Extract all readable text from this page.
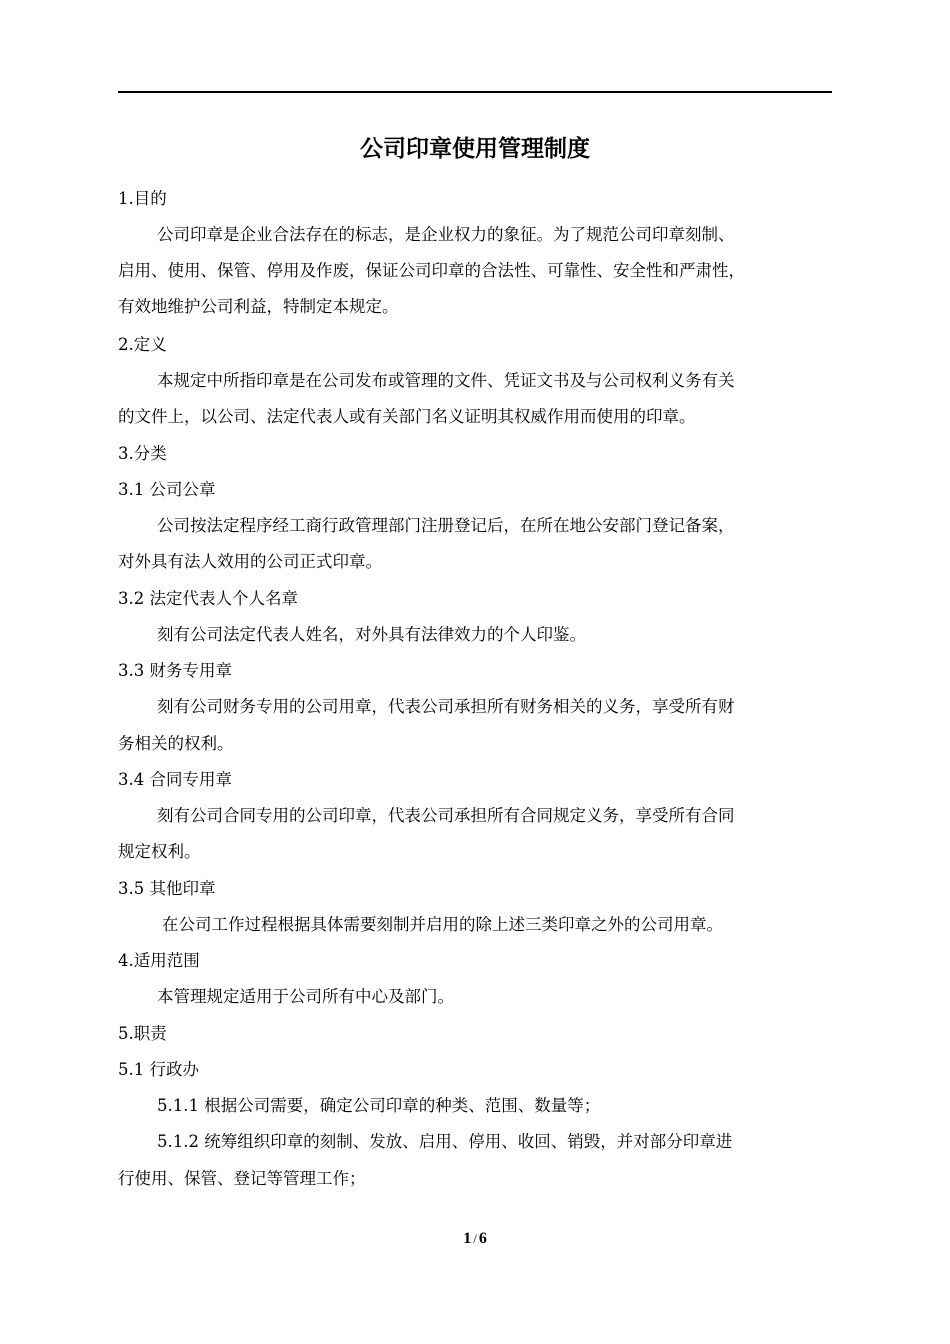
公司印章使用管理制度
1.目的
公司印章是企业合法存在的标志，是企业权力的象征。为了规范公司印章刻制、
启用、使用、保管、停用及作废，保证公司印章的合法性、可靠性、安全性和严肃性，
有效地维护公司利益，特制定本规定。
2.定义
本规定中所指印章是在公司发布或管理的文件、凭证文书及与公司权利义务有关
的文件上，以公司、法定代表人或有关部门名义证明其权威作用而使用的印章。
3.分类
3.1 公司公章
公司按法定程序经工商行政管理部门注册登记后，在所在地公安部门登记备案，
对外具有法人效用的公司正式印章。
3.2 法定代表人个人名章
刻有公司法定代表人姓名，对外具有法律效力的个人印鉴。
3.3 财务专用章
刻有公司财务专用的公司用章，代表公司承担所有财务相关的义务，享受所有财
务相关的权利。
3.4 合同专用章
刻有公司合同专用的公司印章，代表公司承担所有合同规定义务，享受所有合同
规定权利。
3.5 其他印章
在公司工作过程根据具体需要刻制并启用的除上述三类印章之外的公司用章。
4.适用范围
本管理规定适用于公司所有中心及部门。
5.职责
5.1 行政办
5.1.1 根据公司需要，确定公司印章的种类、范围、数量等；
5.1.2 统筹组织印章的刻制、发放、启用、停用、收回、销毁，并对部分印章进
行使用、保管、登记等管理工作；
1 / 6
